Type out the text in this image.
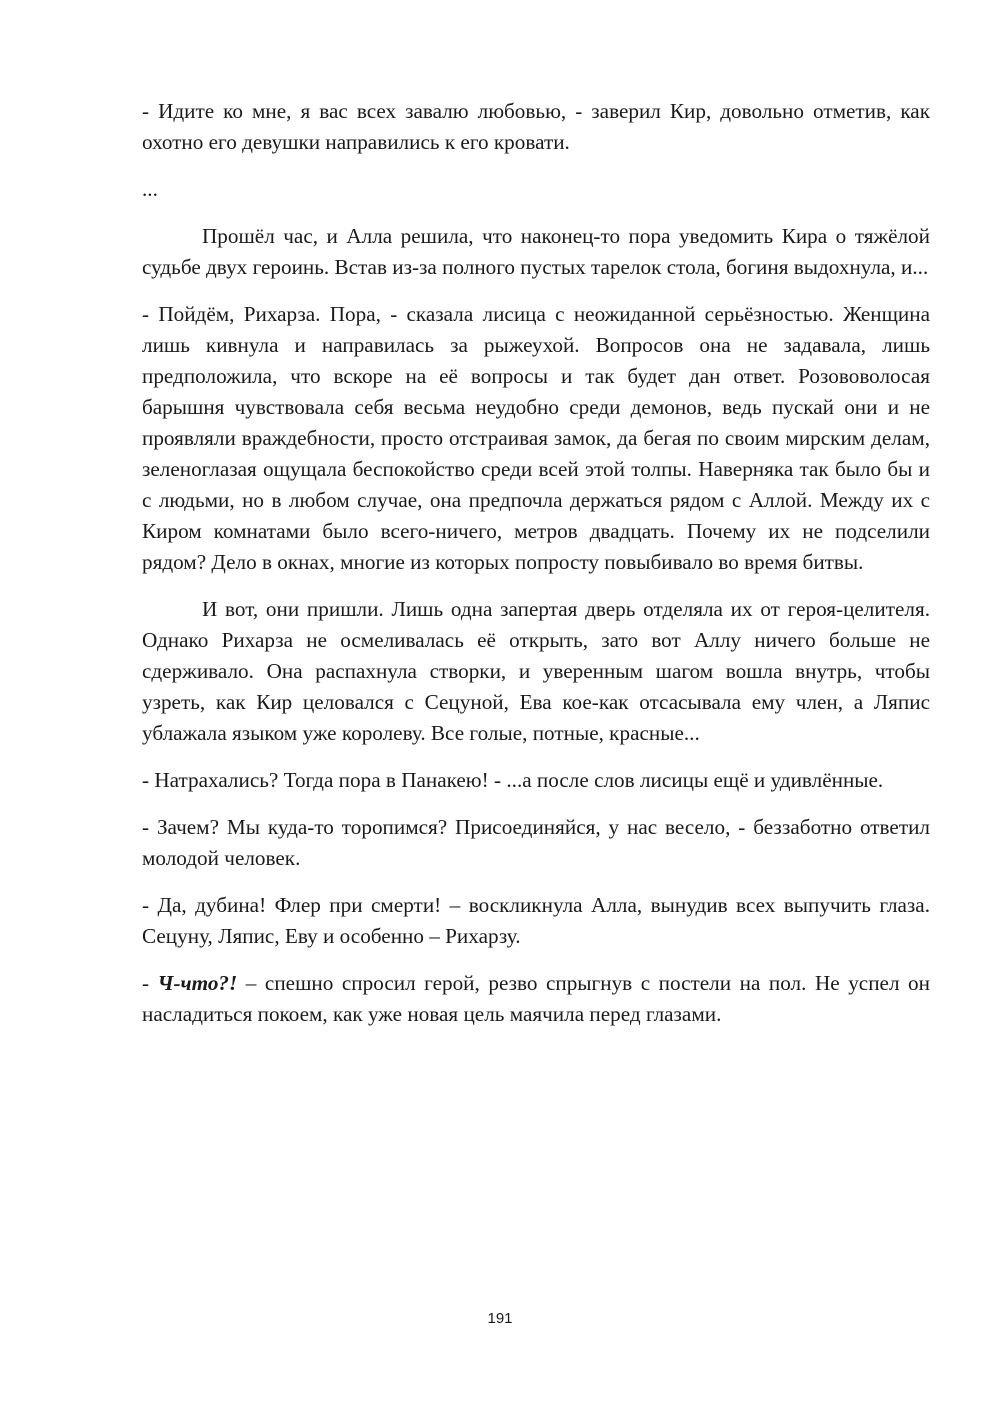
- Идите ко мне, я вас всех завалю любовью, - заверил Кир, довольно отметив, как охотно его девушки направились к его кровати.

...

Прошёл час, и Алла решила, что наконец-то пора уведомить Кира о тяжёлой судьбе двух героинь. Встав из-за полного пустых тарелок стола, богиня выдохнула, и...

- Пойдём, Рихарза. Пора, - сказала лисица с неожиданной серьёзностью. Женщина лишь кивнула и направилась за рыжеухой. Вопросов она не задавала, лишь предположила, что вскоре на её вопросы и так будет дан ответ. Розововолосая барышня чувствовала себя весьма неудобно среди демонов, ведь пускай они и не проявляли враждебности, просто отстраивая замок, да бегая по своим мирским делам, зеленоглазая ощущала беспокойство среди всей этой толпы. Наверняка так было бы и с людьми, но в любом случае, она предпочла держаться рядом с Аллой. Между их с Киром комнатами было всего-ничего, метров двадцать. Почему их не подселили рядом? Дело в окнах, многие из которых попросту повыбивало во время битвы.

И вот, они пришли. Лишь одна запертая дверь отделяла их от героя-целителя. Однако Рихарза не осмеливалась её открыть, зато вот Аллу ничего больше не сдерживало. Она распахнула створки, и уверенным шагом вошла внутрь, чтобы узреть, как Кир целовался с Сецуной, Ева кое-как отсасывала ему член, а Ляпис ублажала языком уже королеву. Все голые, потные, красные...

- Натрахались? Тогда пора в Панакею! - ...а после слов лисицы ещё и удивлённые.

- Зачем? Мы куда-то торопимся? Присоединяйся, у нас весело, - беззаботно ответил молодой человек.

- Да, дубина! Флер при смерти! – воскликнула Алла, вынудив всех выпучить глаза. Сецуну, Ляпис, Еву и особенно – Рихарзу.

- Ч-что?! – спешно спросил герой, резво спрыгнув с постели на пол. Не успел он насладиться покоем, как уже новая цель маячила перед глазами.

191
